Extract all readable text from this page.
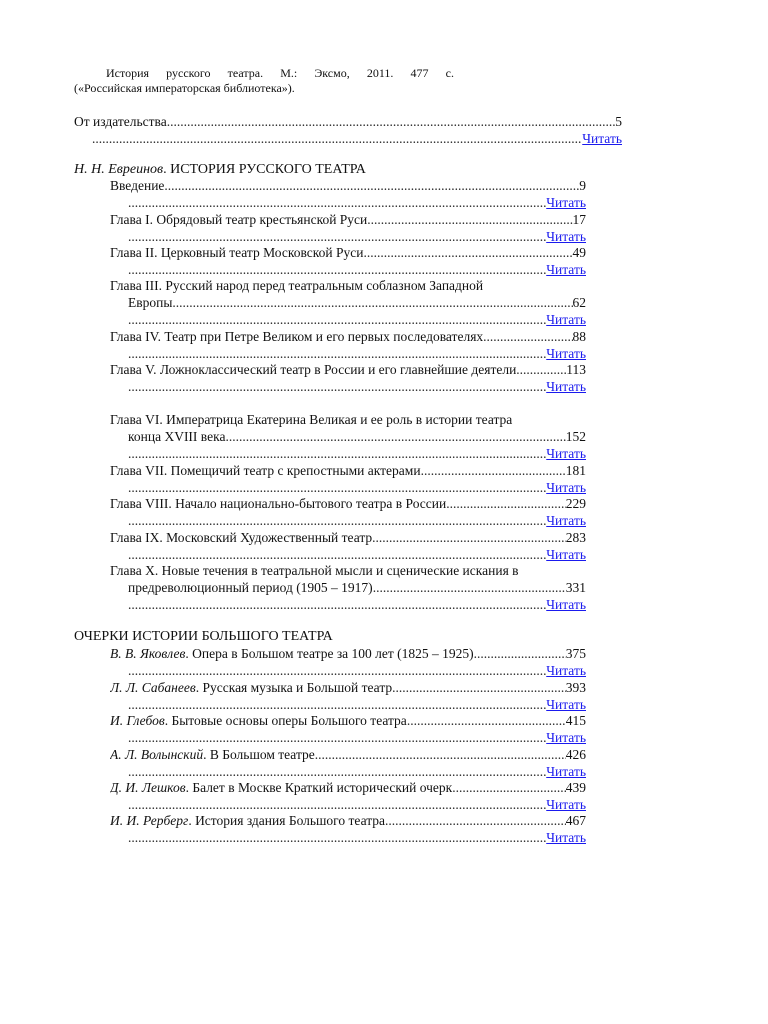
История русского театра. М.: Эксмо, 2011. 477 с.
(«Российская императорская библиотека»).
От издательства .....	5
.....
Читать
Н. Н. Евреинов. ИСТОРИЯ РУССКОГО ТЕАТРА
Введение .....	9
.....
Читать
Глава I. Обрядовый театр крестьянской Руси .....	17
.....
Читать
Глава II. Церковный театр Московской Руси .....	49
.....
Читать
Глава III. Русский народ перед театральным соблазном Западной
Европы .....	62
.....
Читать
Глава IV. Театр при Петре Великом и его первых последователях .....	88
.....
Читать
Глава V. Ложноклассический театр в России и его главнейшие деятели .....	113
.....
Читать
Глава VI. Императрица Екатерина Великая и ее роль в истории театра
конца XVIII века .....	152
.....
Читать
Глава VII. Помещичий театр с крепостными актерами .....	181
.....
Читать
Глава VIII. Начало национально-бытового театра в России .....	229
.....
Читать
Глава IX. Московский Художественный театр .....	283
.....
Читать
Глава X. Новые течения в театральной мысли и сценические искания в
предреволюционный период (1905 – 1917) .....	331
.....
Читать
ОЧЕРКИ ИСТОРИИ БОЛЬШОГО ТЕАТРА
В. В. Яковлев. Опера в Большом театре за 100 лет (1825 – 1925) .....	375
.....
Читать
Л. Л. Сабанеев. Русская музыка и Большой театр .....	393
.....
Читать
И. Глебов. Бытовые основы оперы Большого театра .....	415
.....
Читать
А. Л. Волынский. В Большом театре .....	426
.....
Читать
Д. И. Лешков. Балет в Москве Краткий исторический очерк .....	439
.....
Читать
И. И. Рерберг. История здания Большого театра .....	467
.....
Читать
